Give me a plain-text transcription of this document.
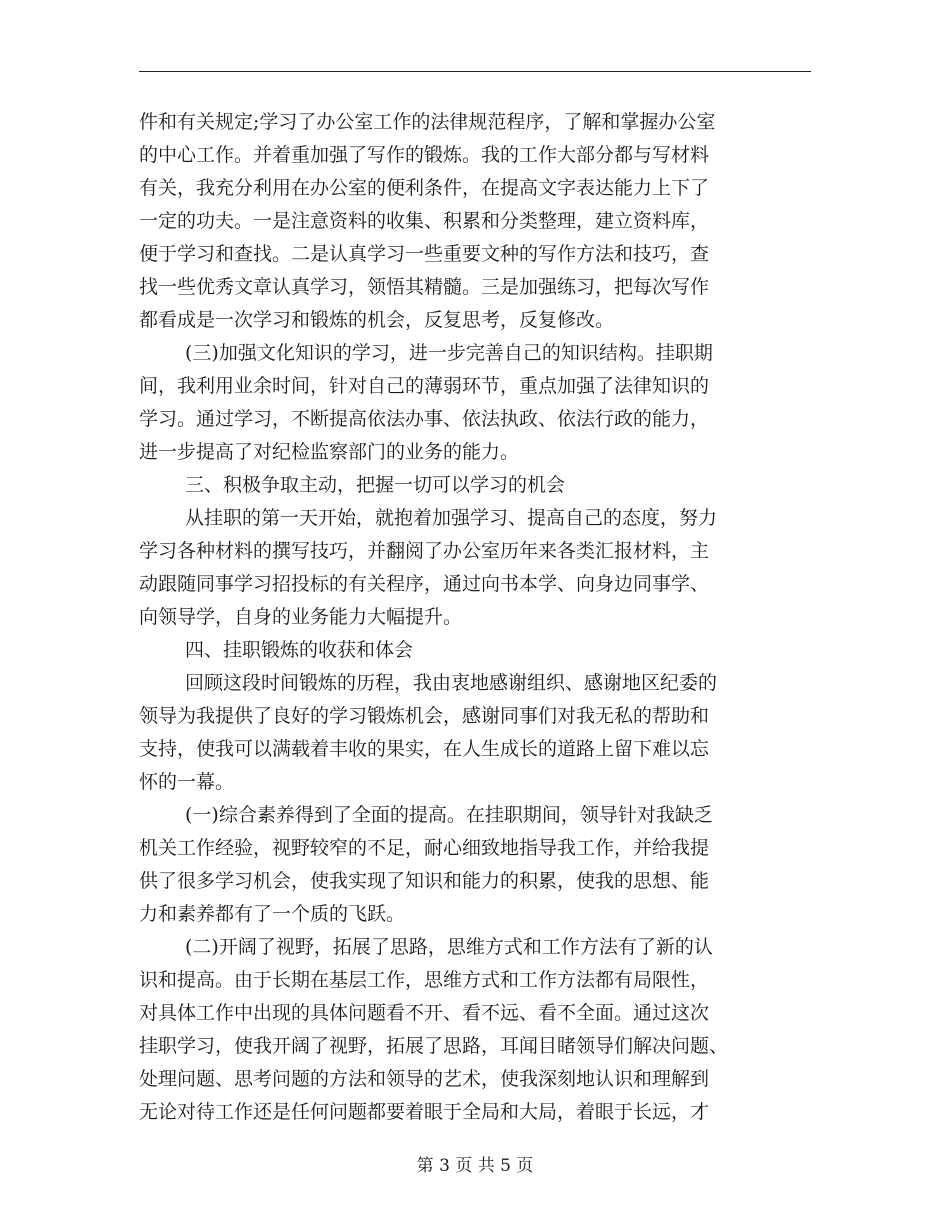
件和有关规定;学习了办公室工作的法律规范程序，了解和掌握办公室
的中心工作。并着重加强了写作的锻炼。我的工作大部分都与写材料
有关，我充分利用在办公室的便利条件，在提高文字表达能力上下了
一定的功夫。一是注意资料的收集、积累和分类整理，建立资料库，
便于学习和查找。二是认真学习一些重要文种的写作方法和技巧，查
找一些优秀文章认真学习，领悟其精髓。三是加强练习，把每次写作
都看成是一次学习和锻炼的机会，反复思考，反复修改。
(三)加强文化知识的学习，进一步完善自己的知识结构。挂职期
间，我利用业余时间，针对自己的薄弱环节，重点加强了法律知识的
学习。通过学习，不断提高依法办事、依法执政、依法行政的能力，
进一步提高了对纪检监察部门的业务的能力。
三、积极争取主动，把握一切可以学习的机会
从挂职的第一天开始，就抱着加强学习、提高自己的态度，努力
学习各种材料的撰写技巧，并翻阅了办公室历年来各类汇报材料，主
动跟随同事学习招投标的有关程序，通过向书本学、向身边同事学、
向领导学，自身的业务能力大幅提升。
四、挂职锻炼的收获和体会
回顾这段时间锻炼的历程，我由衷地感谢组织、感谢地区纪委的
领导为我提供了良好的学习锻炼机会，感谢同事们对我无私的帮助和
支持，使我可以满载着丰收的果实，在人生成长的道路上留下难以忘
怀的一幕。
(一)综合素养得到了全面的提高。在挂职期间，领导针对我缺乏
机关工作经验，视野较窄的不足，耐心细致地指导我工作，并给我提
供了很多学习机会，使我实现了知识和能力的积累，使我的思想、能
力和素养都有了一个质的飞跃。
(二)开阔了视野，拓展了思路，思维方式和工作方法有了新的认
识和提高。由于长期在基层工作，思维方式和工作方法都有局限性，
对具体工作中出现的具体问题看不开、看不远、看不全面。通过这次
挂职学习，使我开阔了视野，拓展了思路，耳闻目睹领导们解决问题、
处理问题、思考问题的方法和领导的艺术，使我深刻地认识和理解到
无论对待工作还是任何问题都要着眼于全局和大局，着眼于长远，才
第 3 页 共 5 页
